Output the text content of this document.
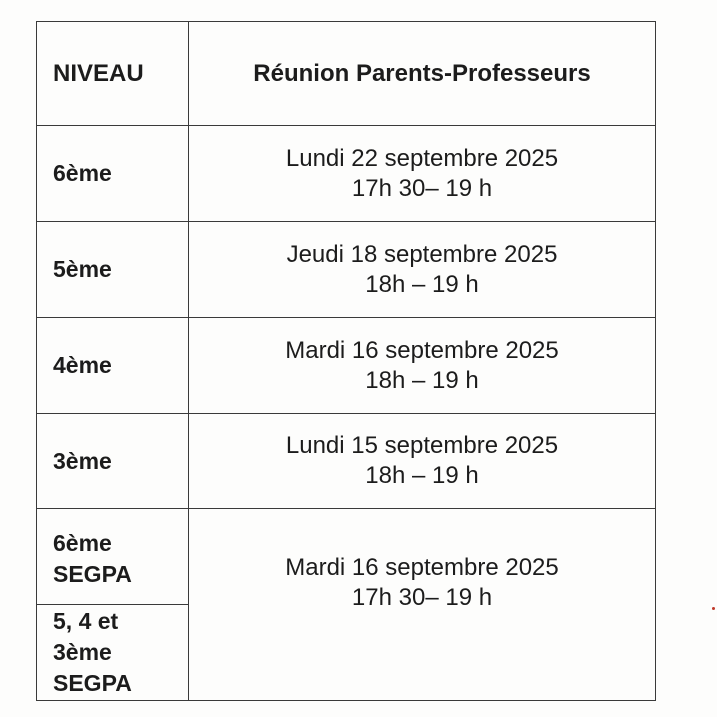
NIVEAU	Réunion Parents-Professeurs
6ème	Lundi 22 septembre 2025
17h 30– 19 h

5ème	Jeudi 18 septembre 2025
18h – 19 h

4ème	Mardi 16 septembre 2025
18h – 19 h

3ème	Lundi 15 septembre 2025
18h – 19 h

6ème
SEGPA	Mardi 16 septembre 2025
17h 30– 19 h

5, 4 et
3ème
SEGPA	
